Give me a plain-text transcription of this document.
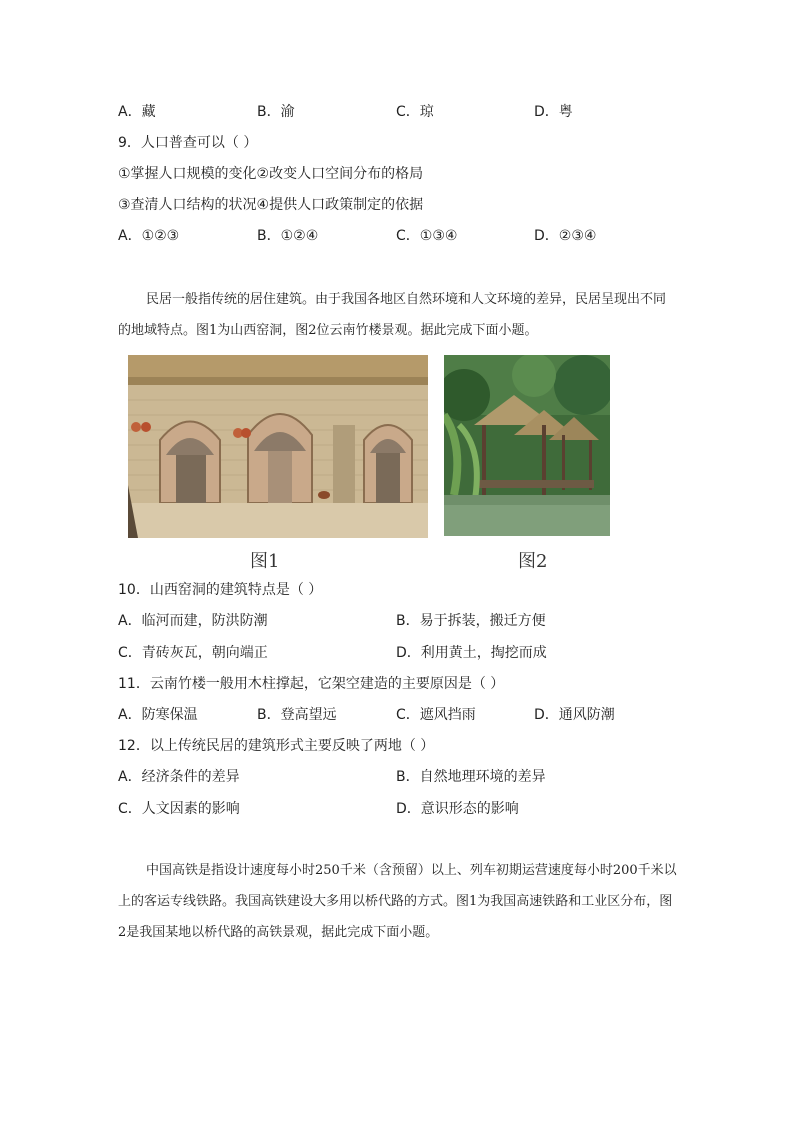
A．藏	B．渝	C．琼	D．粤
9．人口普查可以（ ）
①掌握人口规模的变化②改变人口空间分布的格局
③查清人口结构的状况④提供人口政策制定的依据
A．①②③	B．①②④	C．①③④	D．②③④
民居一般指传统的居住建筑。由于我国各地区自然环境和人文环境的差异，民居呈现出不同的地域特点。图1为山西窑洞，图2位云南竹楼景观。据此完成下面小题。
图1	图2
10．山西窑洞的建筑特点是（ ）
A．临河而建，防洪防潮	B．易于拆装，搬迁方便
C．青砖灰瓦，朝向端正	D．利用黄土，掏挖而成
11．云南竹楼一般用木柱撑起，它架空建造的主要原因是（ ）
A．防寒保温	B．登高望远	C．遮风挡雨	D．通风防潮
12．以上传统民居的建筑形式主要反映了两地（ ）
A．经济条件的差异	B．自然地理环境的差异
C．人文因素的影响	D．意识形态的影响
中国高铁是指设计速度每小时250千米（含预留）以上、列车初期运营速度每小时200千米以上的客运专线铁路。我国高铁建设大多用以桥代路的方式。图1为我国高速铁路和工业区分布，图2是我国某地以桥代路的高铁景观，据此完成下面小题。
